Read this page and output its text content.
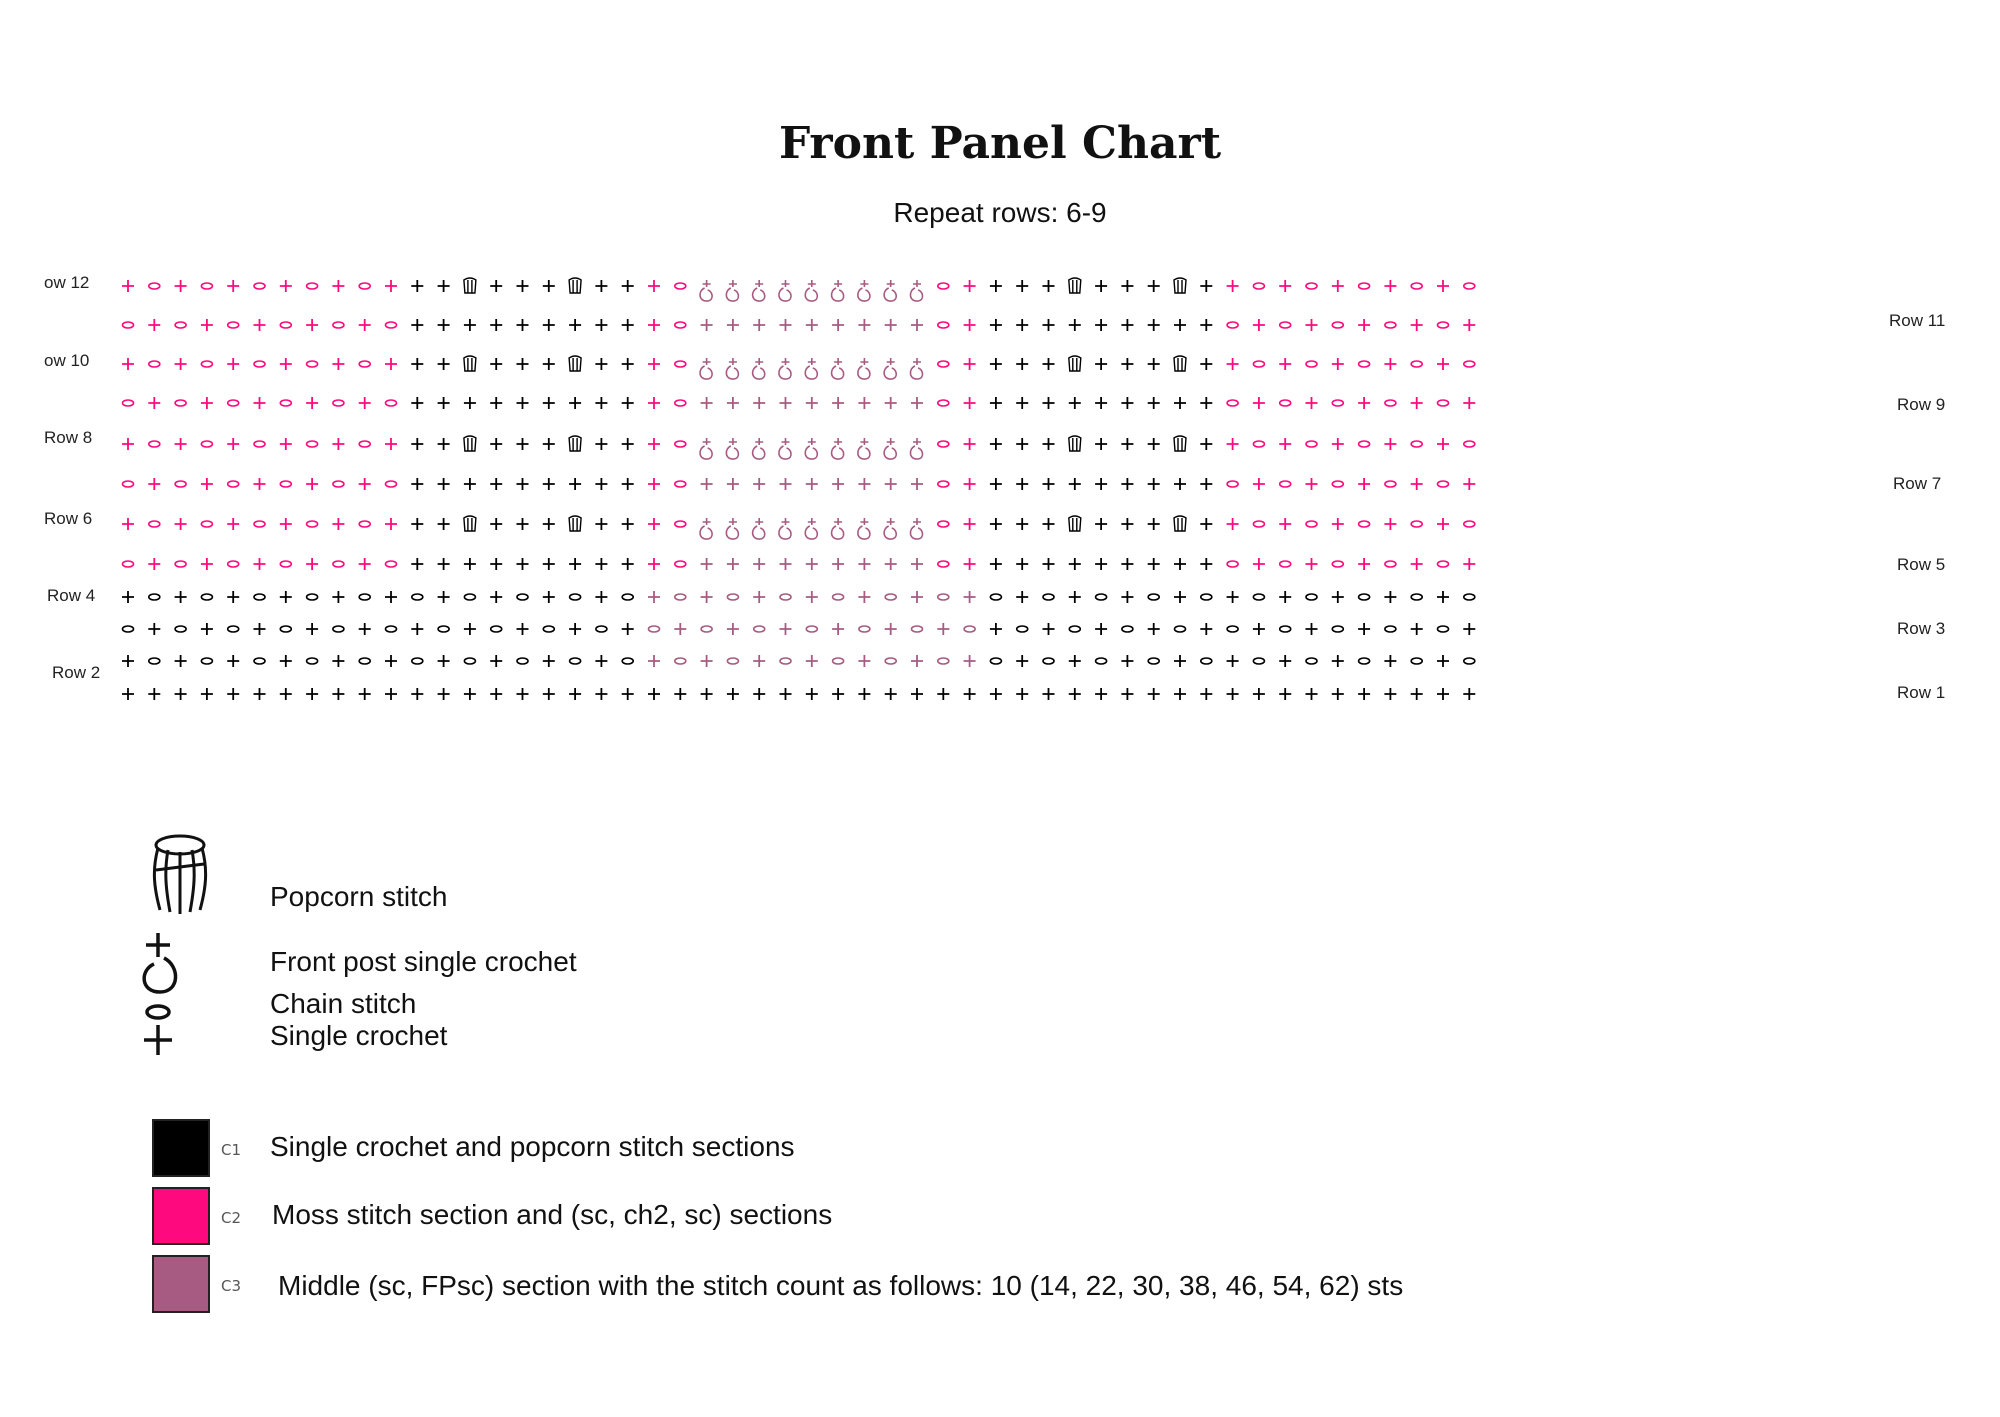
Front Panel Chart
Repeat rows: 6-9
ow 12
ow 10
Row 8
Row 6
Row 4
Row 2
Row 11
Row 9
Row 7
Row 5
Row 3
Row 1
Popcorn stitch
Front post single crochet
Chain stitch
Single crochet
C1 Single crochet and popcorn stitch sections
C2 Moss stitch section and (sc, ch2, sc) sections
C3 Middle (sc, FPsc) section with the stitch count as follows: 10 (14, 22, 30, 38, 46, 54, 62) sts
